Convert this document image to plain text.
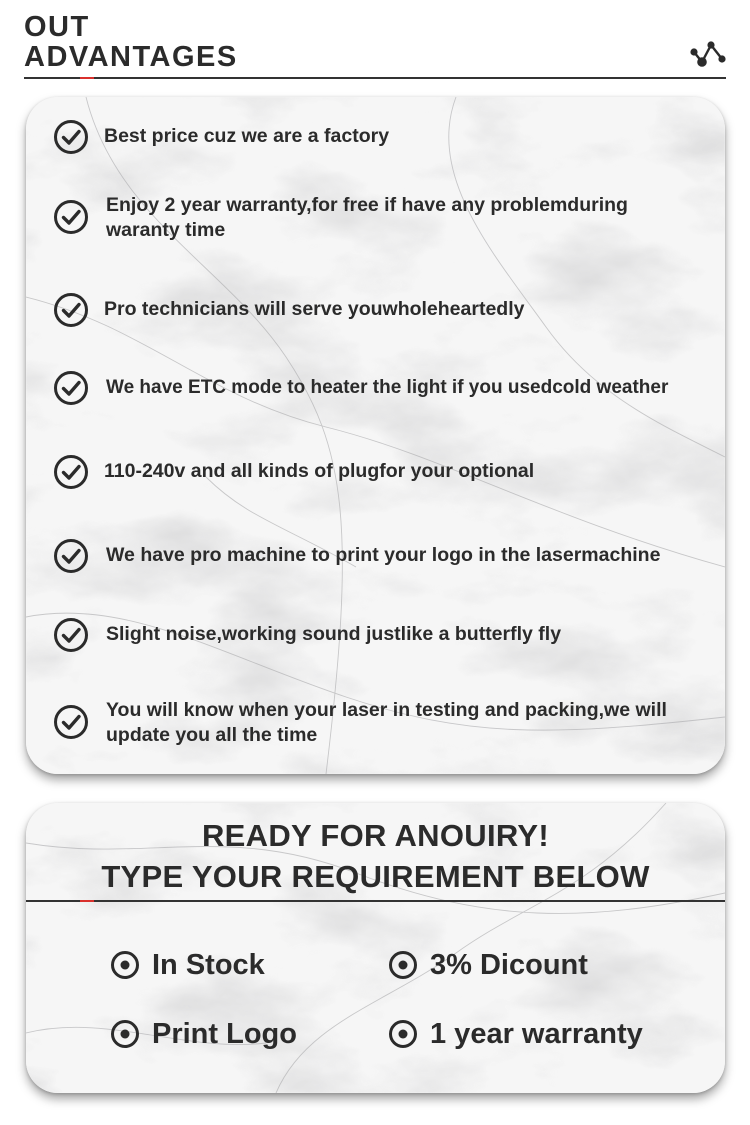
OUT
ADVANTAGES
Best price cuz we are a factory
Enjoy 2 year warranty,for free if have any problemduring waranty time
Pro technicians will serve youwholeheartedly
We have ETC mode to heater the light if you usedcold weather
110-240v and all kinds of plugfor your optional
We have pro machine to print your logo in the lasermachine
Slight noise,working sound justlike a butterfly fly
You will know when your laser in testing and packing,we will update you all the time
READY FOR ANOUIRY!
TYPE YOUR REQUIREMENT BELOW
In Stock	3% Dicount
Print Logo	1 year warranty
